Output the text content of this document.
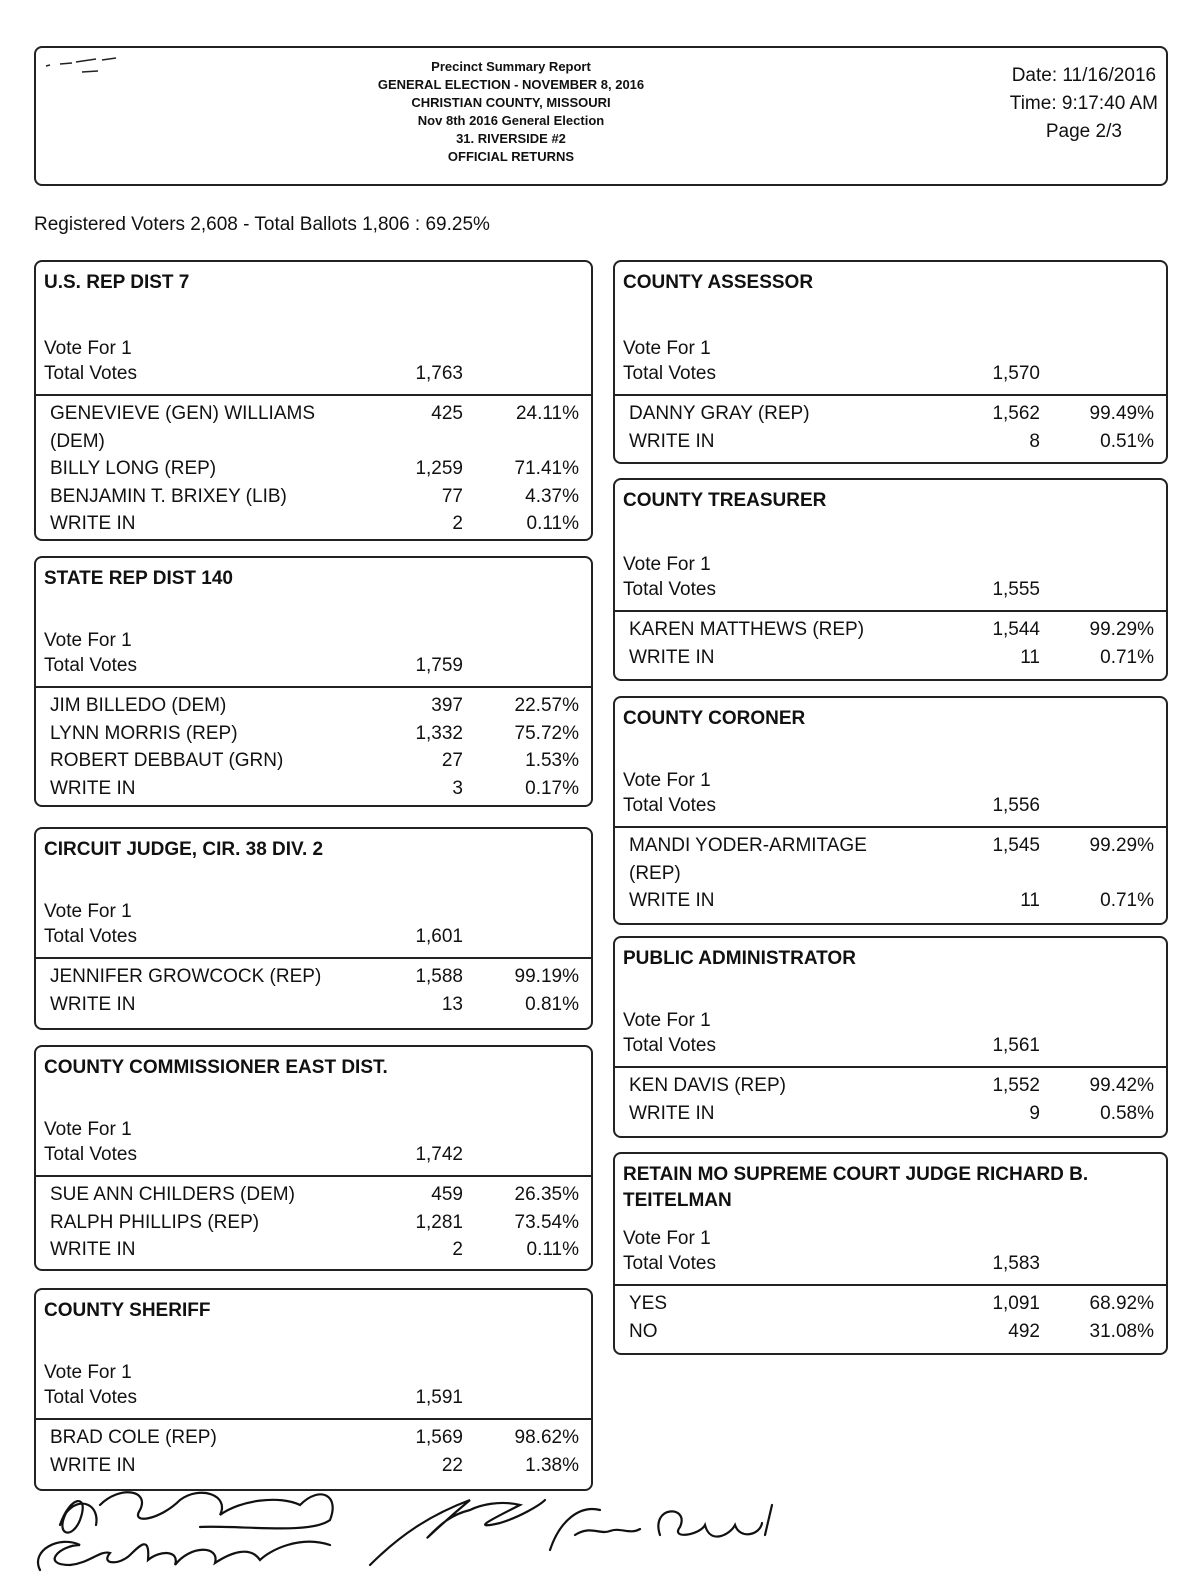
Precinct Summary Report
GENERAL ELECTION - NOVEMBER 8, 2016
CHRISTIAN COUNTY, MISSOURI
Nov 8th 2016 General Election
31. RIVERSIDE #2
OFFICIAL RETURNS
Date: 11/16/2016
Time: 9:17:40 AM
Page 2/3
Registered Voters 2,608 - Total Ballots 1,806 : 69.25%
U.S. REP DIST 7
Vote For 1
Total Votes	1,763
GENEVIEVE (GEN) WILLIAMS (DEM)
425	24.11%
BILLY LONG (REP)	1,259	71.41%
BENJAMIN T. BRIXEY (LIB)	77	4.37%
WRITE IN	2	0.11%
STATE REP DIST 140
Vote For 1
Total Votes	1,759
JIM BILLEDO (DEM)	397	22.57%
LYNN MORRIS (REP)	1,332	75.72%
ROBERT DEBBAUT (GRN)	27	1.53%
WRITE IN	3	0.17%
CIRCUIT JUDGE, CIR. 38 DIV. 2
Vote For 1
Total Votes	1,601
JENNIFER GROWCOCK (REP)	1,588	99.19%
WRITE IN	13	0.81%
COUNTY COMMISSIONER EAST DIST.
Vote For 1
Total Votes	1,742
SUE ANN CHILDERS (DEM)	459	26.35%
RALPH PHILLIPS (REP)	1,281	73.54%
WRITE IN	2	0.11%
COUNTY SHERIFF
Vote For 1
Total Votes	1,591
BRAD COLE (REP)	1,569	98.62%
WRITE IN	22	1.38%
COUNTY ASSESSOR
Vote For 1
Total Votes	1,570
DANNY GRAY (REP)	1,562	99.49%
WRITE IN	8	0.51%
COUNTY TREASURER
Vote For 1
Total Votes	1,555
KAREN MATTHEWS (REP)	1,544	99.29%
WRITE IN	11	0.71%
COUNTY CORONER
Vote For 1
Total Votes	1,556
MANDI YODER-ARMITAGE (REP)
1,545	99.29%
WRITE IN	11	0.71%
PUBLIC ADMINISTRATOR
Vote For 1
Total Votes	1,561
KEN DAVIS (REP)	1,552	99.42%
WRITE IN	9	0.58%
RETAIN MO SUPREME COURT JUDGE RICHARD B. TEITELMAN
Vote For 1
Total Votes	1,583
YES	1,091	68.92%
NO	492	31.08%
